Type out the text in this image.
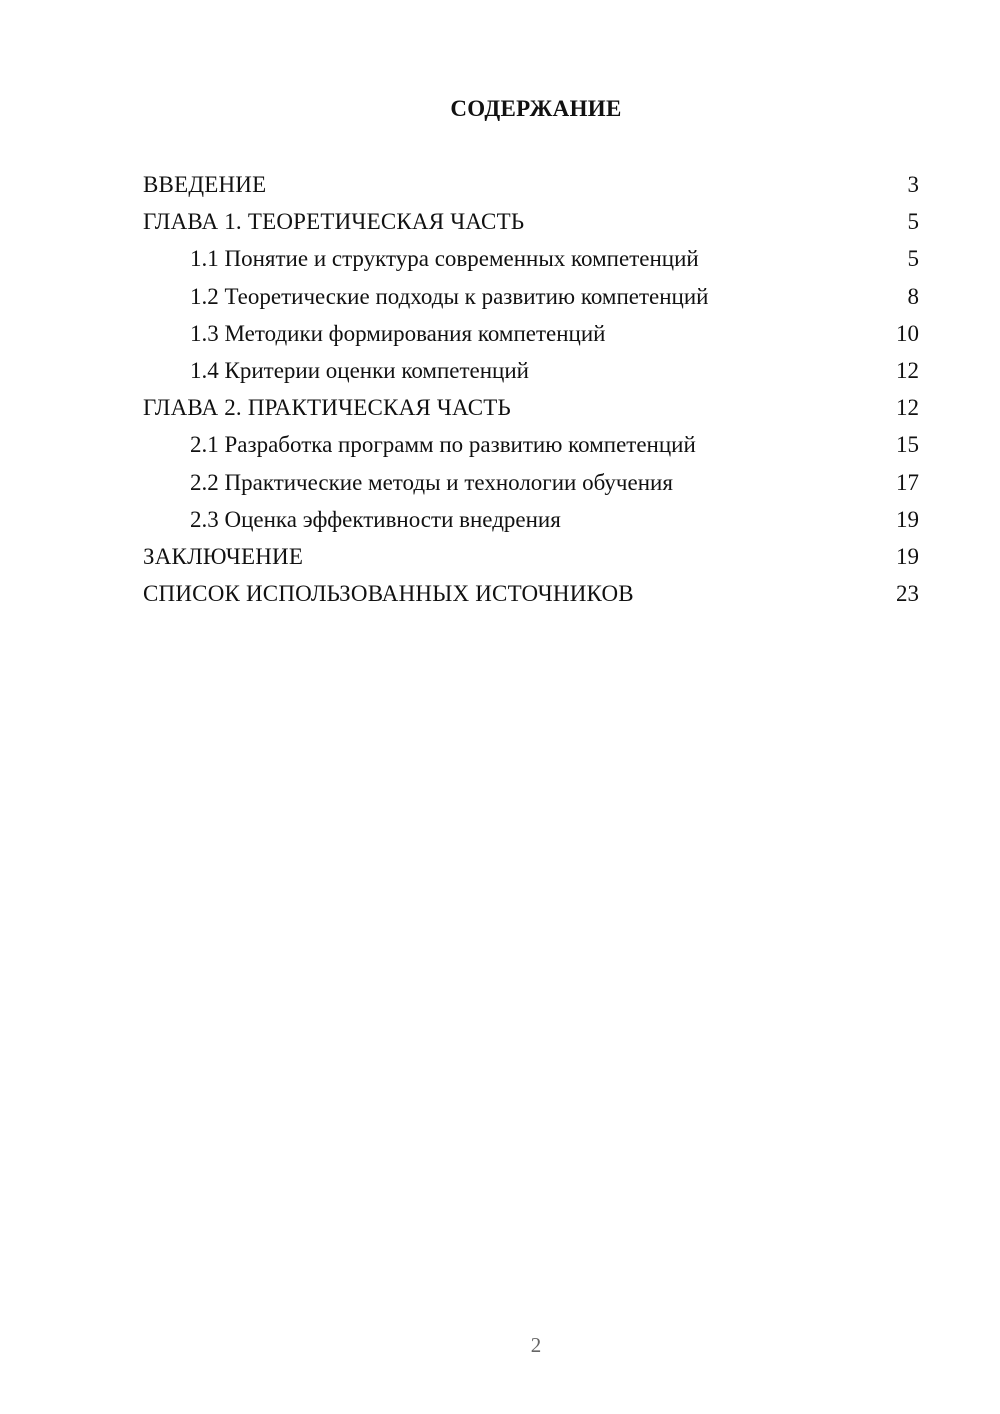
СОДЕРЖАНИЕ
ВВЕДЕНИЕ	3
ГЛАВА 1. ТЕОРЕТИЧЕСКАЯ ЧАСТЬ	5
1.1 Понятие и структура современных компетенций	5
1.2 Теоретические подходы к развитию компетенций	8
1.3 Методики формирования компетенций	10
1.4 Критерии оценки компетенций	12
ГЛАВА 2. ПРАКТИЧЕСКАЯ ЧАСТЬ	12
2.1 Разработка программ по развитию компетенций	15
2.2 Практические методы и технологии обучения	17
2.3 Оценка эффективности внедрения	19
ЗАКЛЮЧЕНИЕ	19
СПИСОК ИСПОЛЬЗОВАННЫХ ИСТОЧНИКОВ	23
2
